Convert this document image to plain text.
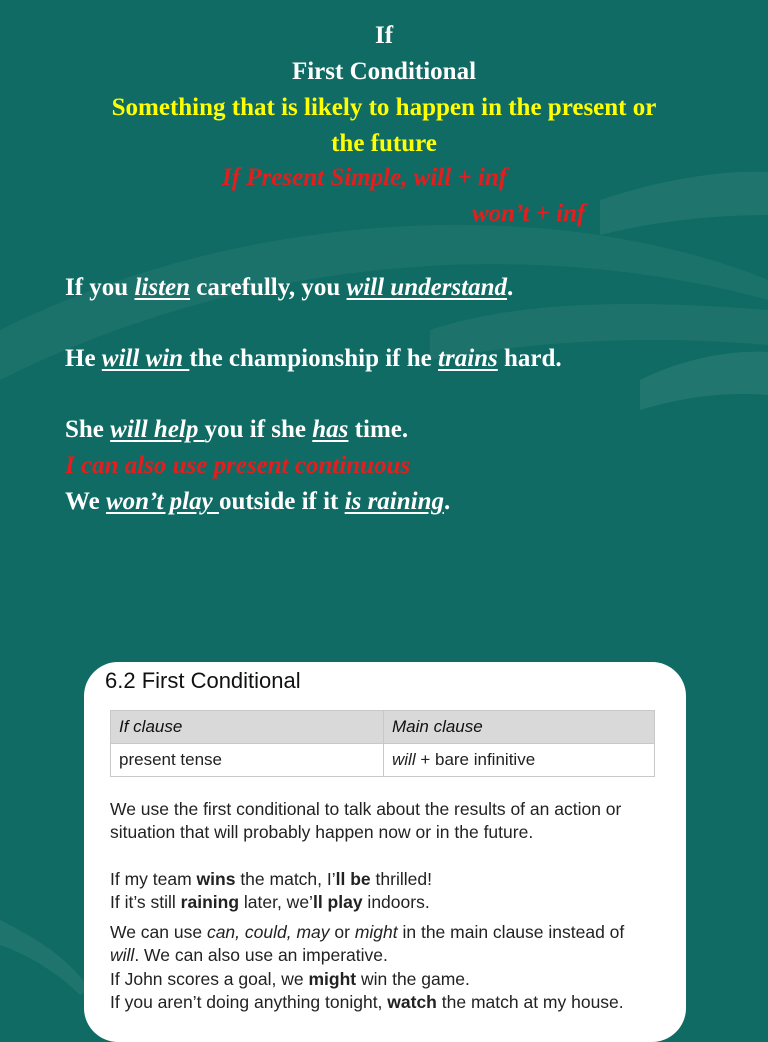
If
First Conditional
Something that is likely to happen in the present or
the future
If Present Simple, will + inf
won’t + inf
If you listen carefully, you will understand.
He will win the championship if he trains hard.
She will help you if she has time.
I can also use present continuous
We won’t play outside if it is raining.
6.2 First Conditional
If clause	Main clause
present tense	will + bare infinitive
We use the first conditional to talk about the results of an action or situation that will probably happen now or in the future.
If my team wins the match, I’ll be thrilled!
If it’s still raining later, we’ll play indoors.
We can use can, could, may or might in the main clause instead of will. We can also use an imperative.
If John scores a goal, we might win the game.
If you aren’t doing anything tonight, watch the match at my house.
